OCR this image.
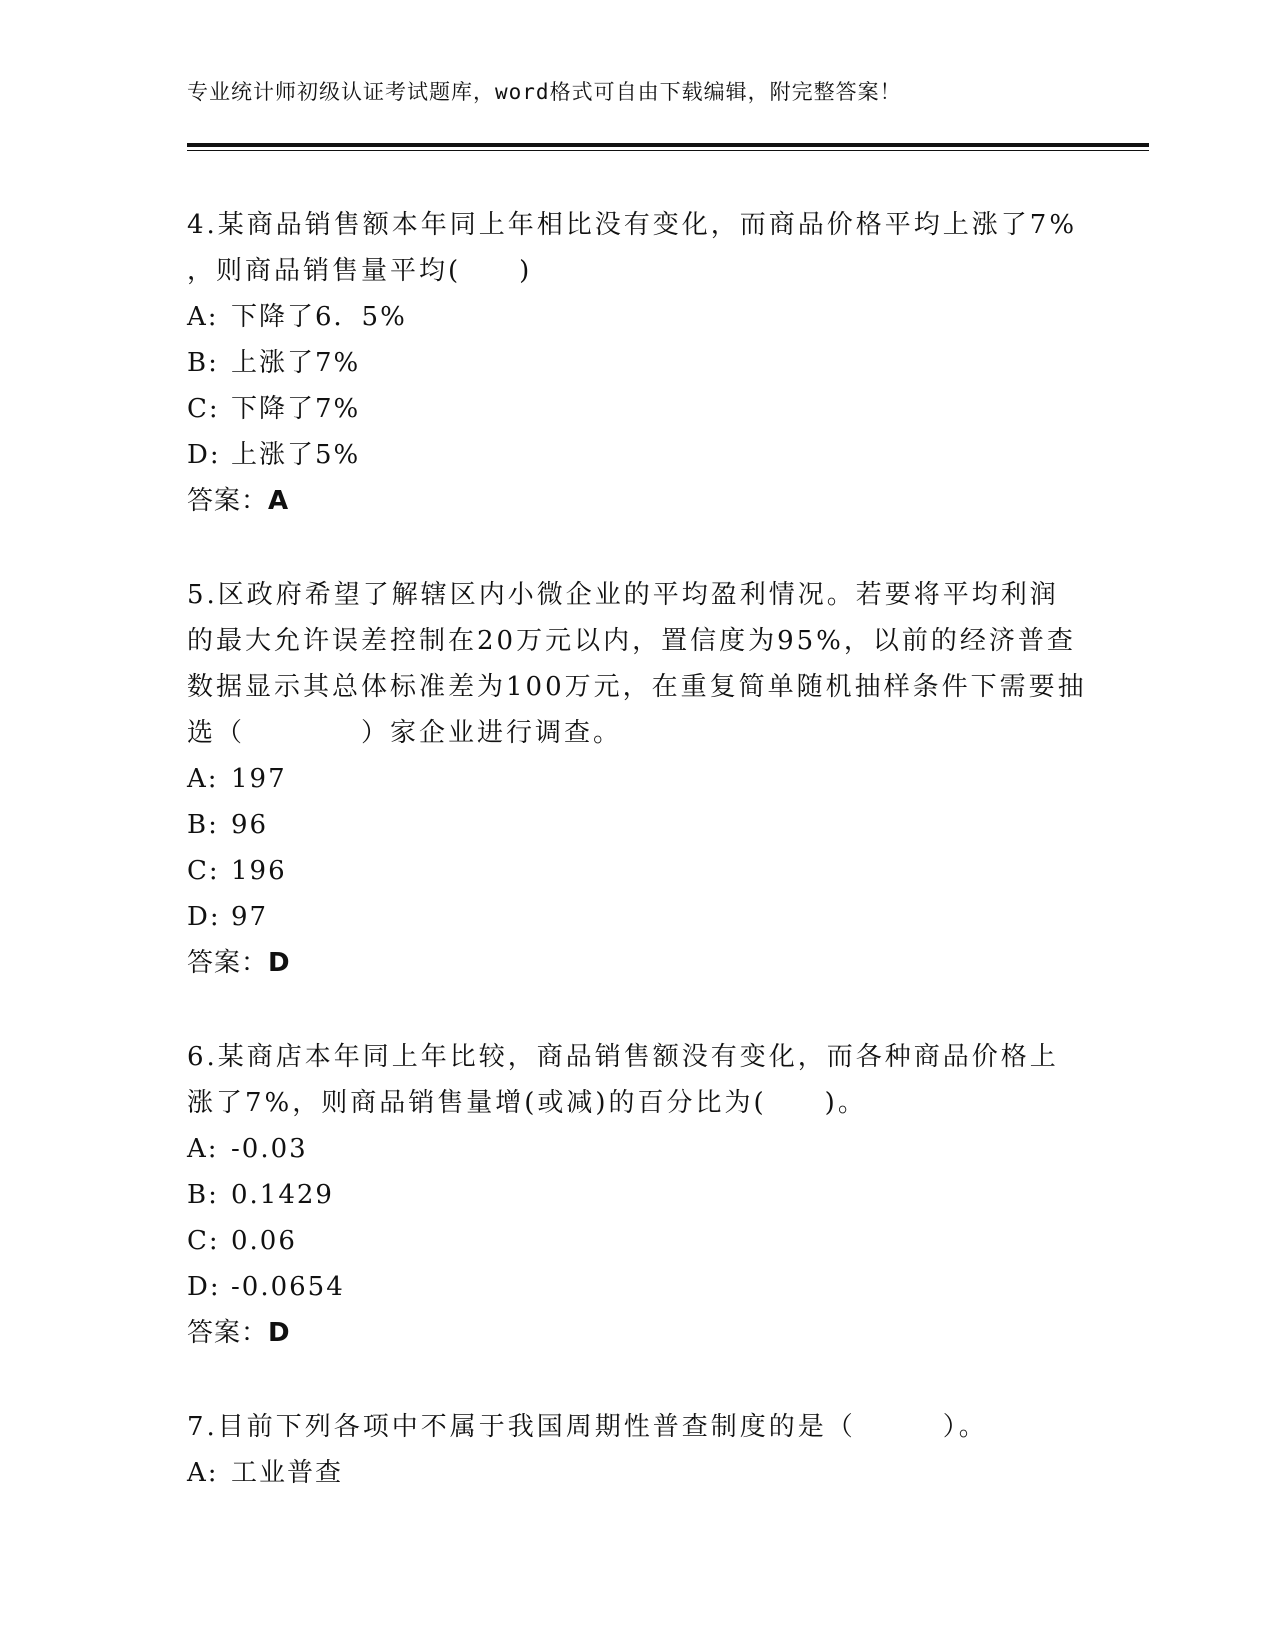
专业统计师初级认证考试题库，word格式可自由下载编辑，附完整答案！

4.某商品销售额本年同上年相比没有变化，而商品价格平均上涨了7% ，则商品销售量平均(　　)

A: 下降了6．5%
B: 上涨了7%
C: 下降了7%
D: 上涨了5%
答案：A

5.区政府希望了解辖区内小微企业的平均盈利情况。若要将平均利润的最大允许误差控制在20万元以内，置信度为95%，以前的经济普查数据显示其总体标准差为100万元，在重复简单随机抽样条件下需要抽选（　　　　）家企业进行调查。

A: 197
B: 96
C: 196
D: 97
答案：D

6.某商店本年同上年比较，商品销售额没有变化，而各种商品价格上涨了7%，则商品销售量增(或减)的百分比为(　　)。

A: -0.03
B: 0.1429
C: 0.06
D: -0.0654
答案：D

7.目前下列各项中不属于我国周期性普查制度的是（　　　）。

A: 工业普查
